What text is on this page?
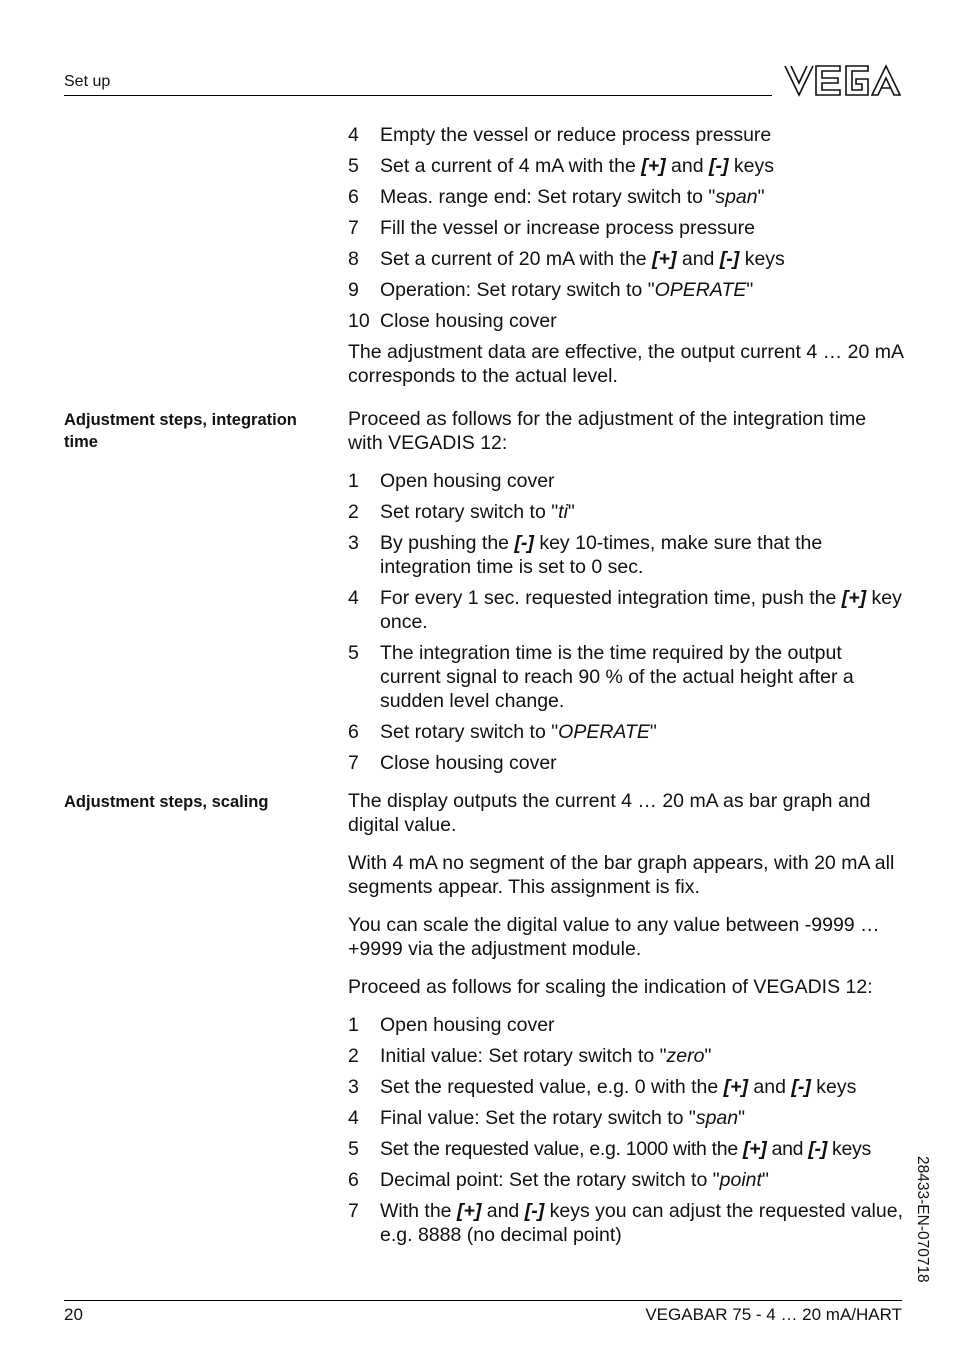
Set up
4 Empty the vessel or reduce process pressure
5 Set a current of 4 mA with the [+] and [-] keys
6 Meas. range end: Set rotary switch to "span"
7 Fill the vessel or increase process pressure
8 Set a current of 20 mA with the [+] and [-] keys
9 Operation: Set rotary switch to "OPERATE"
10 Close housing cover

The adjustment data are effective, the output current 4 … 20 mA corresponds to the actual level.

Adjustment steps, integration time

Proceed as follows for the adjustment of the integration time with VEGADIS 12:

1 Open housing cover
2 Set rotary switch to "ti"
3 By pushing the [-] key 10-times, make sure that the integration time is set to 0 sec.
4 For every 1 sec. requested integration time, push the [+] key once.
5 The integration time is the time required by the output current signal to reach 90 % of the actual height after a sudden level change.
6 Set rotary switch to "OPERATE"
7 Close housing cover
Adjustment steps, scaling	The display outputs the current 4 … 20 mA as bar graph and digital value.

With 4 mA no segment of the bar graph appears, with 20 mA all segments appear. This assignment is fix.

You can scale the digital value to any value between -9999 … +9999 via the adjustment module.

Proceed as follows for scaling the indication of VEGADIS 12:

1 Open housing cover
2 Initial value: Set rotary switch to "zero"
3 Set the requested value, e.g. 0 with the [+] and [-] keys
4 Final value: Set the rotary switch to "span"
5 Set the requested value, e.g. 1000 with the [+] and [-] keys
6 Decimal point: Set the rotary switch to "point"
7 With the [+] and [-] keys you can adjust the requested value, e.g. 8888 (no decimal point)	28433-EN-070718
20	VEGABAR 75 - 4 … 20 mA/HART
